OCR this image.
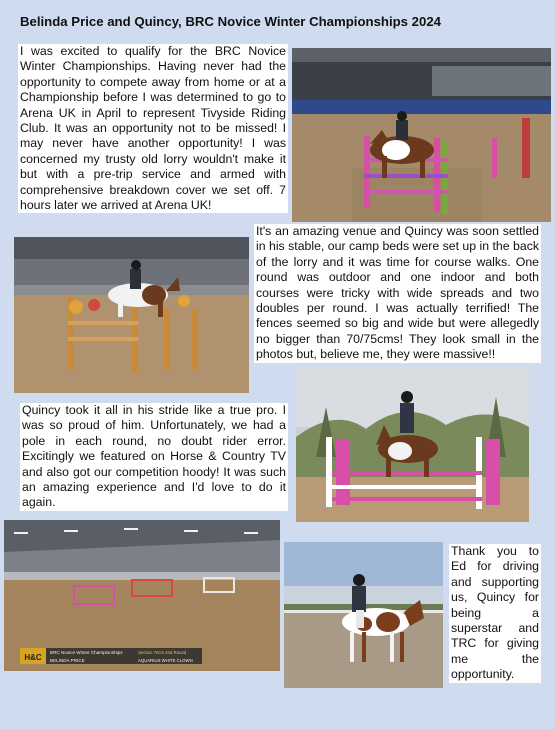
Belinda Price and Quincy, BRC Novice Winter Championships 2024
I was excited to qualify for the BRC Novice Winter Championships. Having never had the opportunity to compete away from home or at a Championship before I was determined to go to Arena UK in April to represent Tivyside Riding Club. It was an opportunity not to be missed! I may never have another opportunity! I was concerned my trusty old lorry wouldn't make it but with a pre-trip service and armed with comprehensive breakdown cover we set off. 7 hours later we arrived at Arena UK!
It's an amazing venue and Quincy was soon settled in his stable, our camp beds were set up in the back of the lorry and it was time for course walks. One round was outdoor and one indoor and both courses were tricky with wide spreads and two doubles per round. I was actually terrified! The fences seemed so big and wide but were allegedly no bigger than 70/75cms! They look small in the photos but, believe me, they were massive!!
Quincy took it all in his stride like a true pro. I was so proud of him. Unfortunately, we had a pole in each round, no doubt rider error. Excitingly we featured on Horse & Country TV and also got our competition hoody! It was such an amazing experience and I'd love to do it again.
H&C
BRC Novice Winter Championships
BELINDA PRICE
Section 70cm 2nd Round
AQUARIUS WHITE CLOWN
Thank you to Ed for driving and supporting us, Quincy for being a superstar and TRC for giving me the opportunity.
